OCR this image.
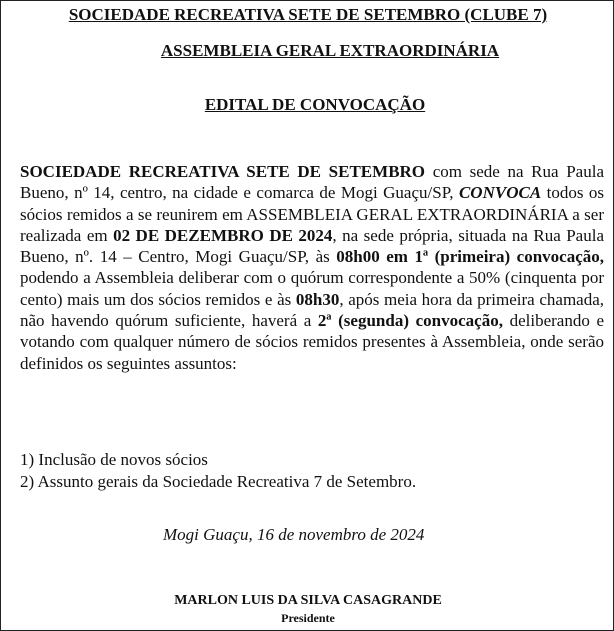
SOCIEDADE RECREATIVA SETE DE SETEMBRO (CLUBE 7)
ASSEMBLEIA GERAL EXTRAORDINÁRIA
EDITAL DE CONVOCAÇÃO

SOCIEDADE RECREATIVA SETE DE SETEMBRO com sede na Rua Paula Bueno, nº 14, centro, na cidade e comarca de Mogi Guaçu/SP, CONVOCA todos os sócios remidos a se reunirem em ASSEMBLEIA GERAL EXTRAORDINÁRIA a ser realizada em 02 DE DEZEMBRO DE 2024, na sede própria, situada na Rua Paula Bueno, nº. 14 – Centro, Mogi Guaçu/SP, às 08h00 em 1ª (primeira) convocação, podendo a Assembleia deliberar com o quórum correspondente a 50% (cinquenta por cento) mais um dos sócios remidos e às 08h30, após meia hora da primeira chamada, não havendo quórum suficiente, haverá a 2ª (segunda) convocação, deliberando e votando com qualquer número de sócios remidos presentes à Assembleia, onde serão definidos os seguintes assuntos:

1) Inclusão de novos sócios
2) Assunto gerais da Sociedade Recreativa 7 de Setembro.
Mogi Guaçu, 16 de novembro de 2024
MARLON LUIS DA SILVA CASAGRANDE
Presidente
